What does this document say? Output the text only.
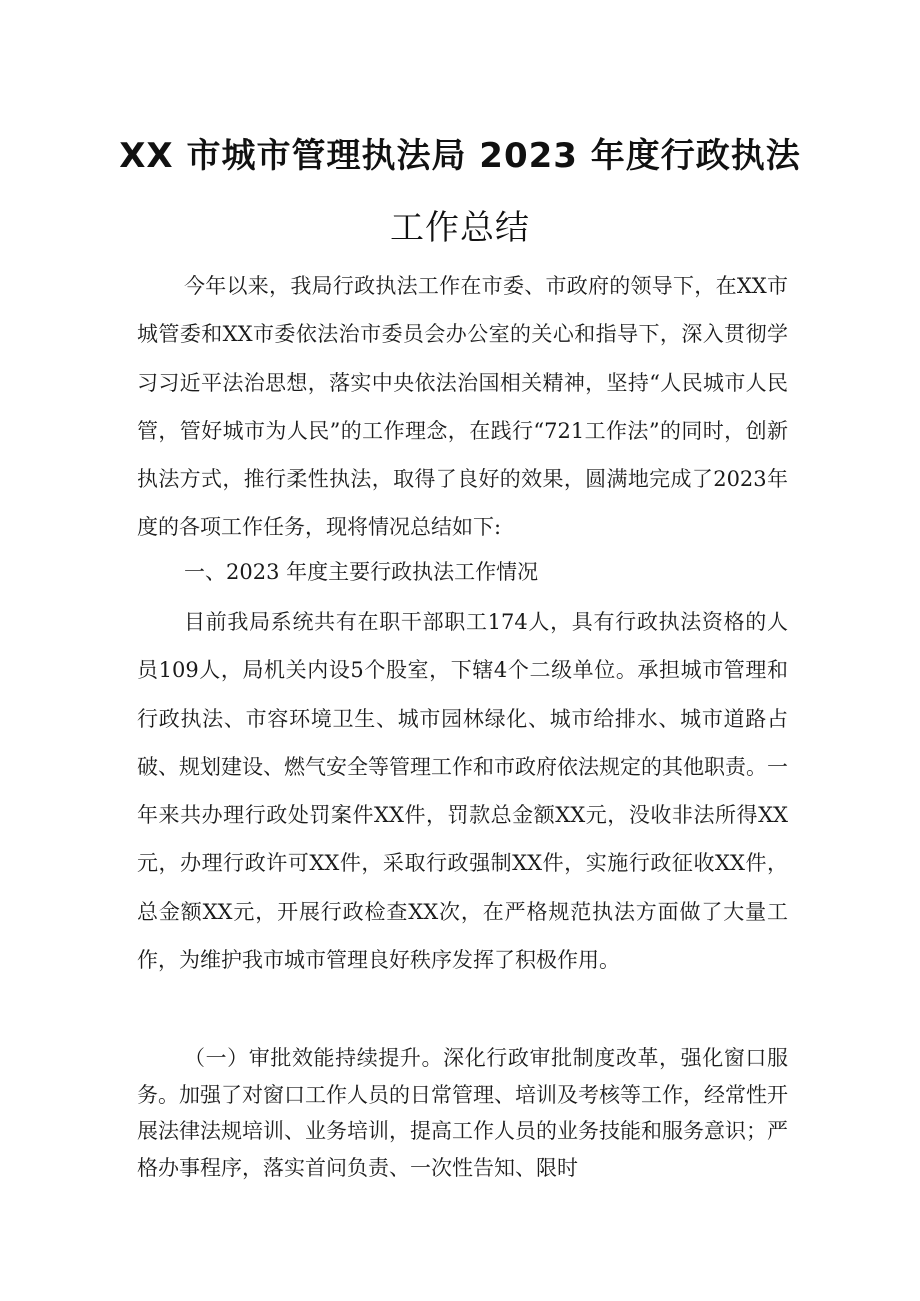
XX 市城市管理执法局 2023 年度行政执法
工作总结

今年以来，我局行政执法工作在市委、市政府的领导下，在XX市城管委和XX市委依法治市委员会办公室的关心和指导下，深入贯彻学习习近平法治思想，落实中央依法治国相关精神，坚持“人民城市人民管，管好城市为人民”的工作理念，在践行“721工作法”的同时，创新执法方式，推行柔性执法，取得了良好的效果，圆满地完成了2023年度的各项工作任务，现将情况总结如下:

一、2023 年度主要行政执法工作情况

目前我局系统共有在职干部职工174人，具有行政执法资格的人员109人，局机关内设5个股室，下辖4个二级单位。承担城市管理和行政执法、市容环境卫生、城市园林绿化、城市给排水、城市道路占破、规划建设、燃气安全等管理工作和市政府依法规定的其他职责。一年来共办理行政处罚案件XX件，罚款总金额XX元，没收非法所得XX元，办理行政许可XX件，采取行政强制XX件，实施行政征收XX件，总金额XX元，开展行政检查XX次，在严格规范执法方面做了大量工作，为维护我市城市管理良好秩序发挥了积极作用。

（一）审批效能持续提升。深化行政审批制度改革，强化窗口服务。加强了对窗口工作人员的日常管理、培训及考核等工作，经常性开展法律法规培训、业务培训，提高工作人员的业务技能和服务意识；严格办事程序，落实首问负责、一次性告知、限时
